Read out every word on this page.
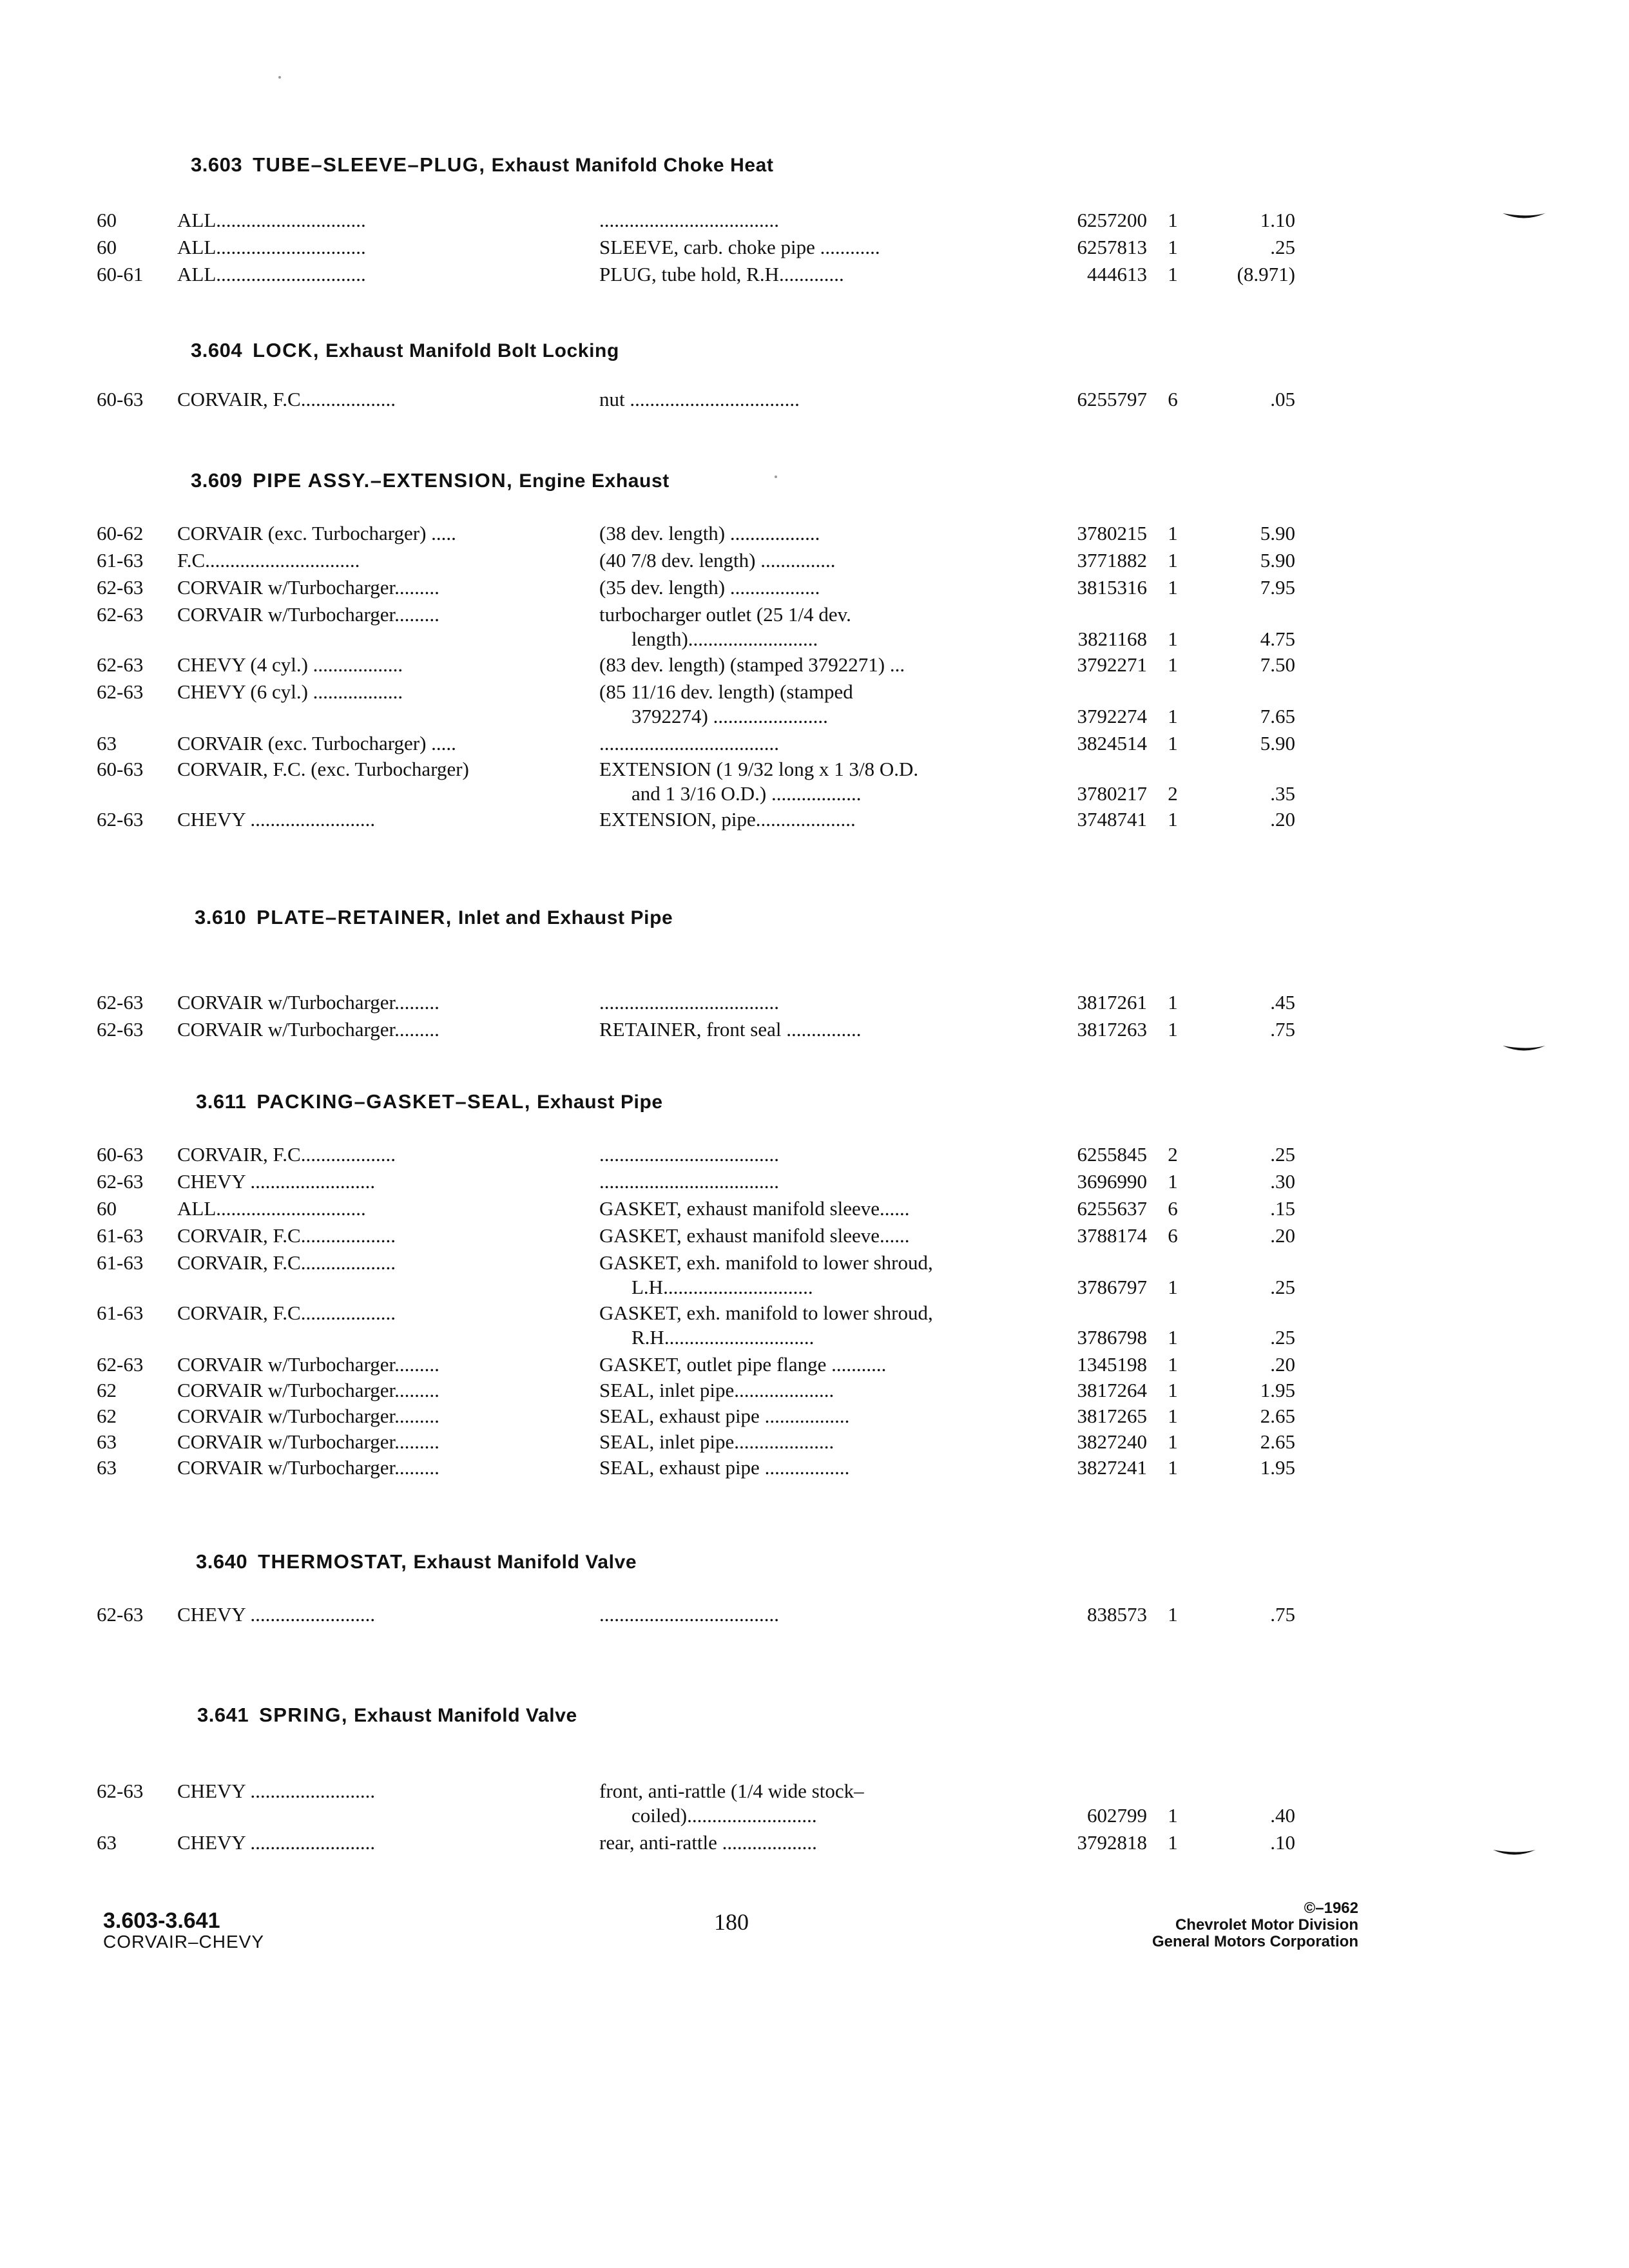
3.603 TUBE–SLEEVE–PLUG, Exhaust Manifold Choke Heat
60	ALL..............................	....................................	6257200 1	1.10
60	ALL..............................	SLEEVE, carb. choke pipe ............	6257813 1	.25
60-61 ALL..............................	PLUG, tube hold, R.H.............	444613 1	(8.971)
3.604 LOCK, Exhaust Manifold Bolt Locking
60-63 CORVAIR, F.C...................	nut ..................................	6255797 6	.05
3.609 PIPE ASSY.–EXTENSION, Engine Exhaust
60-62 CORVAIR (exc. Turbocharger) .....	(38 dev. length) ..................	3780215 1	5.90
61-63 F.C...............................	(40 7/8 dev. length) ...............	3771882 1	5.90
62-63 CORVAIR w/Turbocharger.........	(35 dev. length) ..................	3815316 1	7.95
62-63 CORVAIR w/Turbocharger.........	turbocharger outlet (25 1/4 dev.
length)..........................	3821168 1	4.75
62-63 CHEVY (4 cyl.) ..................	(83 dev. length) (stamped 3792271) ...	3792271 1	7.50
62-63 CHEVY (6 cyl.) ..................	(85 11/16 dev. length) (stamped
3792274) .......................	3792274 1	7.65
63	CORVAIR (exc. Turbocharger) .....	....................................	3824514 1	5.90
60-63 CORVAIR, F.C. (exc. Turbocharger)	EXTENSION (1 9/32 long x 1 3/8 O.D.
and 1 3/16 O.D.) ..................	3780217 2	.35
62-63 CHEVY .........................	EXTENSION, pipe....................	3748741 1	.20
3.610 PLATE–RETAINER, Inlet and Exhaust Pipe
62-63 CORVAIR w/Turbocharger.........	....................................	3817261 1	.45
62-63 CORVAIR w/Turbocharger.........	RETAINER, front seal ...............	3817263 1	.75
3.611 PACKING–GASKET–SEAL, Exhaust Pipe
60-63 CORVAIR, F.C...................	....................................	6255845 2	.25
62-63 CHEVY .........................	....................................	3696990 1	.30
60	ALL..............................	GASKET, exhaust manifold sleeve......	6255637 6	.15
61-63 CORVAIR, F.C...................	GASKET, exhaust manifold sleeve......	3788174 6	.20
61-63 CORVAIR, F.C...................	GASKET, exh. manifold to lower shroud,
L.H..............................	3786797 1	.25
61-63 CORVAIR, F.C...................	GASKET, exh. manifold to lower shroud,
R.H..............................	3786798 1	.25
62-63 CORVAIR w/Turbocharger.........	GASKET, outlet pipe flange ...........	1345198 1	.20
62	CORVAIR w/Turbocharger.........	SEAL, inlet pipe....................	3817264 1	1.95
62	CORVAIR w/Turbocharger.........	SEAL, exhaust pipe .................	3817265 1	2.65
63	CORVAIR w/Turbocharger.........	SEAL, inlet pipe....................	3827240 1	2.65
63	CORVAIR w/Turbocharger.........	SEAL, exhaust pipe .................	3827241 1	1.95
3.640 THERMOSTAT, Exhaust Manifold Valve
62-63 CHEVY .........................	....................................	838573 1	.75
3.641 SPRING, Exhaust Manifold Valve
62-63 CHEVY .........................	front, anti-rattle (1/4 wide stock–
coiled)..........................	602799 1	.40
63	CHEVY .........................	rear, anti-rattle ...................	3792818 1	.10
3.603-3.641
CORVAIR–CHEVY
180
©–1962
Chevrolet Motor Division
General Motors Corporation
